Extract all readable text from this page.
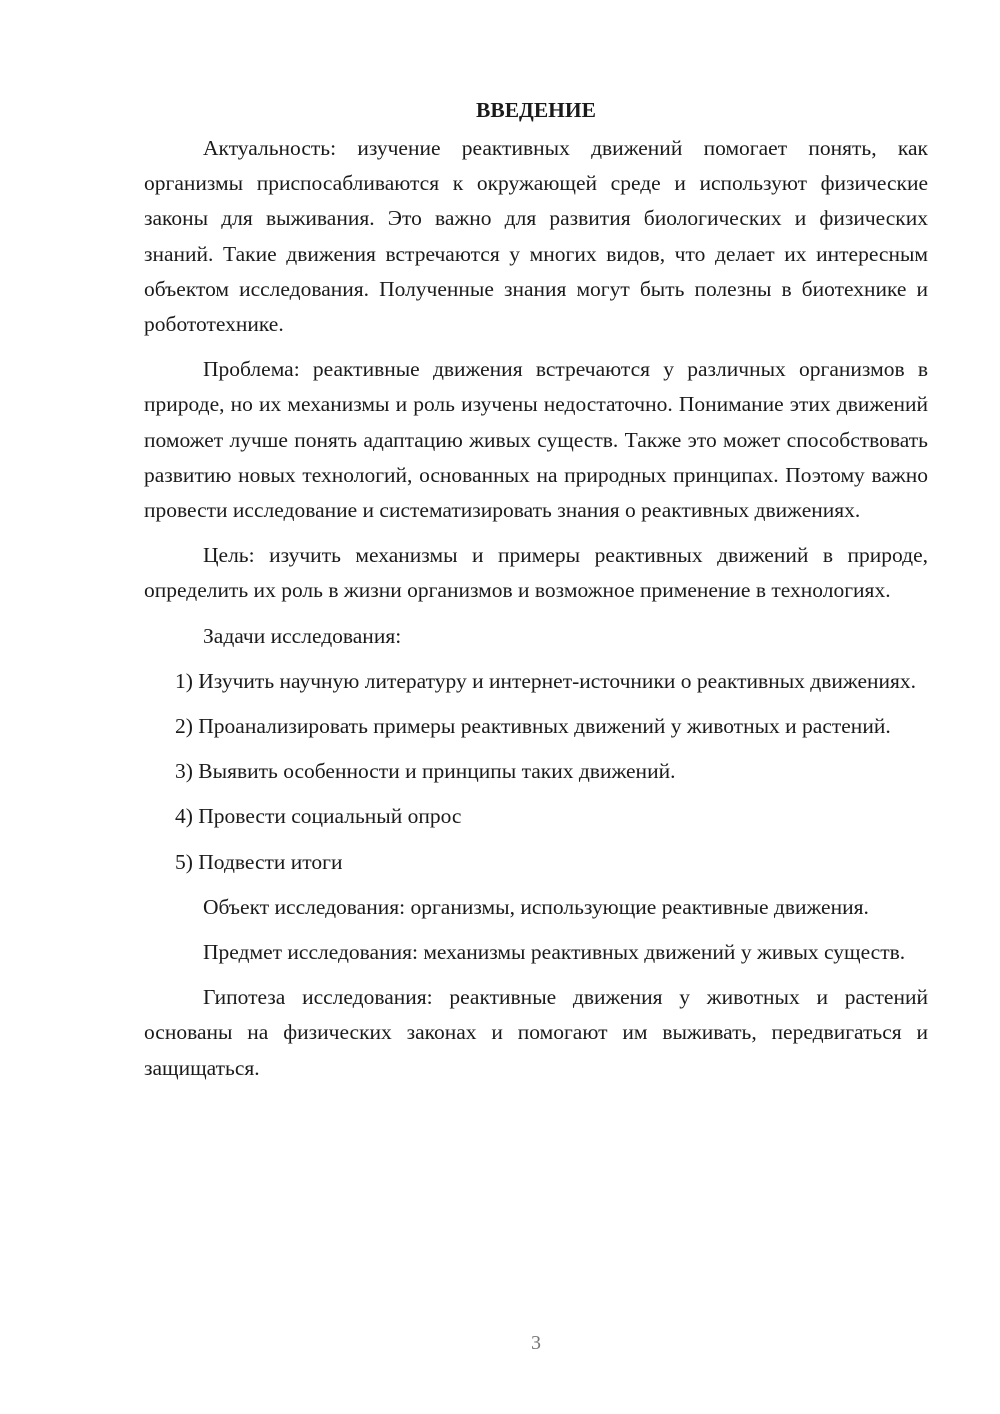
ВВЕДЕНИЕ

Актуальность: изучение реактивных движений помогает понять, как организмы приспосабливаются к окружающей среде и используют физические законы для выживания. Это важно для развития биологических и физических знаний. Такие движения встречаются у многих видов, что делает их интересным объектом исследования. Полученные знания могут быть полезны в биотехнике и робототехнике.

Проблема: реактивные движения встречаются у различных организмов в природе, но их механизмы и роль изучены недостаточно. Понимание этих движений поможет лучше понять адаптацию живых существ. Также это может способствовать развитию новых технологий, основанных на природных принципах. Поэтому важно провести исследование и систематизировать знания о реактивных движениях.

Цель: изучить механизмы и примеры реактивных движений в природе, определить их роль в жизни организмов и возможное применение в технологиях.

Задачи исследования:

1) Изучить научную литературу и интернет-источники о реактивных движениях.

2) Проанализировать примеры реактивных движений у животных и растений.

3) Выявить особенности и принципы таких движений.

4) Провести социальный опрос

5) Подвести итоги

Объект исследования: организмы, использующие реактивные движения.

Предмет исследования: механизмы реактивных движений у живых существ.

Гипотеза исследования: реактивные движения у животных и растений основаны на физических законах и помогают им выживать, передвигаться и защищаться.

3
